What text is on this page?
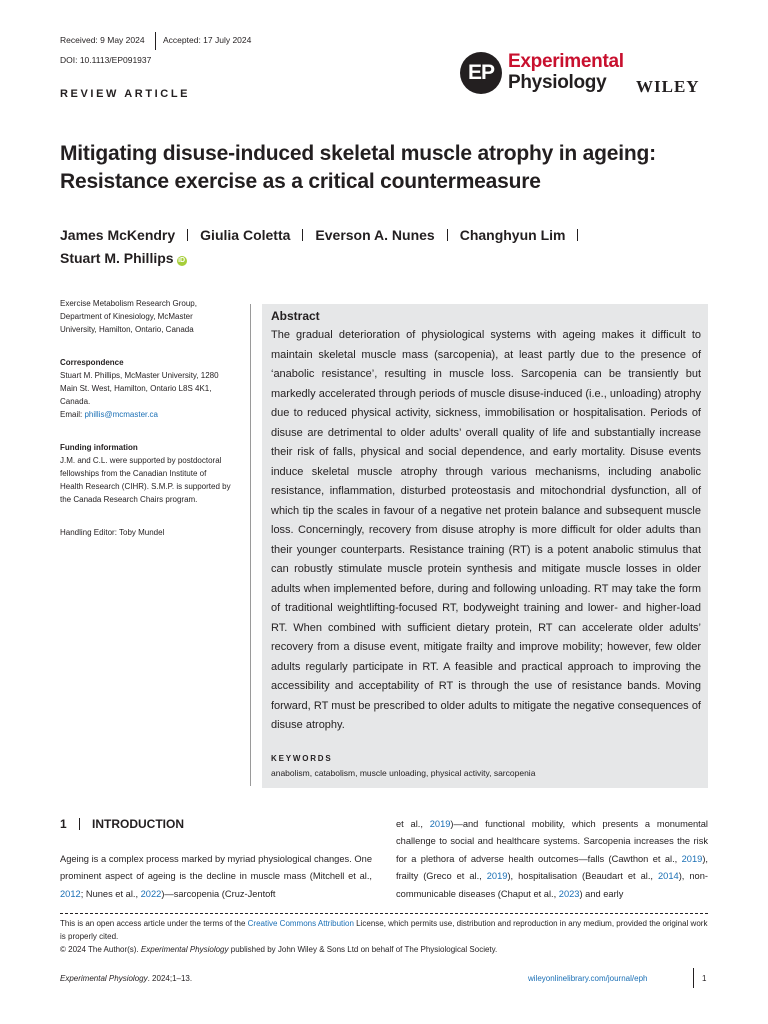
Received: 9 May 2024 Accepted: 17 July 2024
DOI: 10.1113/EP091937
REVIEW ARTICLE
EP Experimental
Physiology WILEY
Mitigating disuse-induced skeletal muscle atrophy in ageing:
Resistance exercise as a critical countermeasure
James McKendry Giulia Coletta Everson A. Nunes Changhyun Lim
Stuart M. Phillips iD
Exercise Metabolism Research Group,
Department of Kinesiology, McMaster
University, Hamilton, Ontario, Canada
Correspondence
Stuart M. Phillips, McMaster University, 1280
Main St. West, Hamilton, Ontario L8S 4K1,
Canada.
Email: phillis@mcmaster.ca
Funding information
J.M. and C.L. were supported by postdoctoral
fellowships from the Canadian Institute of
Health Research (CIHR). S.M.P. is supported by
the Canada Research Chairs program.
Handling Editor: Toby Mundel
Abstract
The gradual deterioration of physiological systems with ageing makes it difficult to maintain skeletal muscle mass (sarcopenia), at least partly due to the presence of ‘anabolic resistance’, resulting in muscle loss. Sarcopenia can be transiently but markedly accelerated through periods of muscle disuse-induced (i.e., unloading) atrophy due to reduced physical activity, sickness, immobilisation or hospitalisation. Periods of disuse are detrimental to older adults’ overall quality of life and substantially increase their risk of falls, physical and social dependence, and early mortality. Disuse events induce skeletal muscle atrophy through various mechanisms, including anabolic resistance, inflammation, disturbed proteostasis and mitochondrial dysfunction, all of which tip the scales in favour of a negative net protein balance and subsequent muscle loss. Concerningly, recovery from disuse atrophy is more difficult for older adults than their younger counterparts. Resistance training (RT) is a potent anabolic stimulus that can robustly stimulate muscle protein synthesis and mitigate muscle losses in older adults when implemented before, during and following unloading. RT may take the form of traditional weightlifting-focused RT, bodyweight training and lower- and higher-load RT. When combined with sufficient dietary protein, RT can accelerate older adults’ recovery from a disuse event, mitigate frailty and improve mobility; however, few older adults regularly participate in RT. A feasible and practical approach to improving the accessibility and acceptability of RT is through the use of resistance bands. Moving forward, RT must be prescribed to older adults to mitigate the negative consequences of disuse atrophy.
KEYWORDS
anabolism, catabolism, muscle unloading, physical activity, sarcopenia
1 INTRODUCTION

Ageing is a complex process marked by myriad physiological changes. One prominent aspect of ageing is the decline in muscle mass (Mitchell et al., 2012; Nunes et al., 2022)—sarcopenia (Cruz-Jentoft

et al., 2019)—and functional mobility, which presents a monumental challenge to social and healthcare systems. Sarcopenia increases the risk for a plethora of adverse health outcomes—falls (Cawthon et al., 2019), frailty (Greco et al., 2019), hospitalisation (Beaudart et al., 2014), non-communicable diseases (Chaput et al., 2023) and early

This is an open access article under the terms of the Creative Commons Attribution License, which permits use, distribution and reproduction in any medium, provided the original work is properly cited.
© 2024 The Author(s). Experimental Physiology published by John Wiley & Sons Ltd on behalf of The Physiological Society.
Experimental Physiology. 2024;1–13.	wileyonlinelibrary.com/journal/eph	1
